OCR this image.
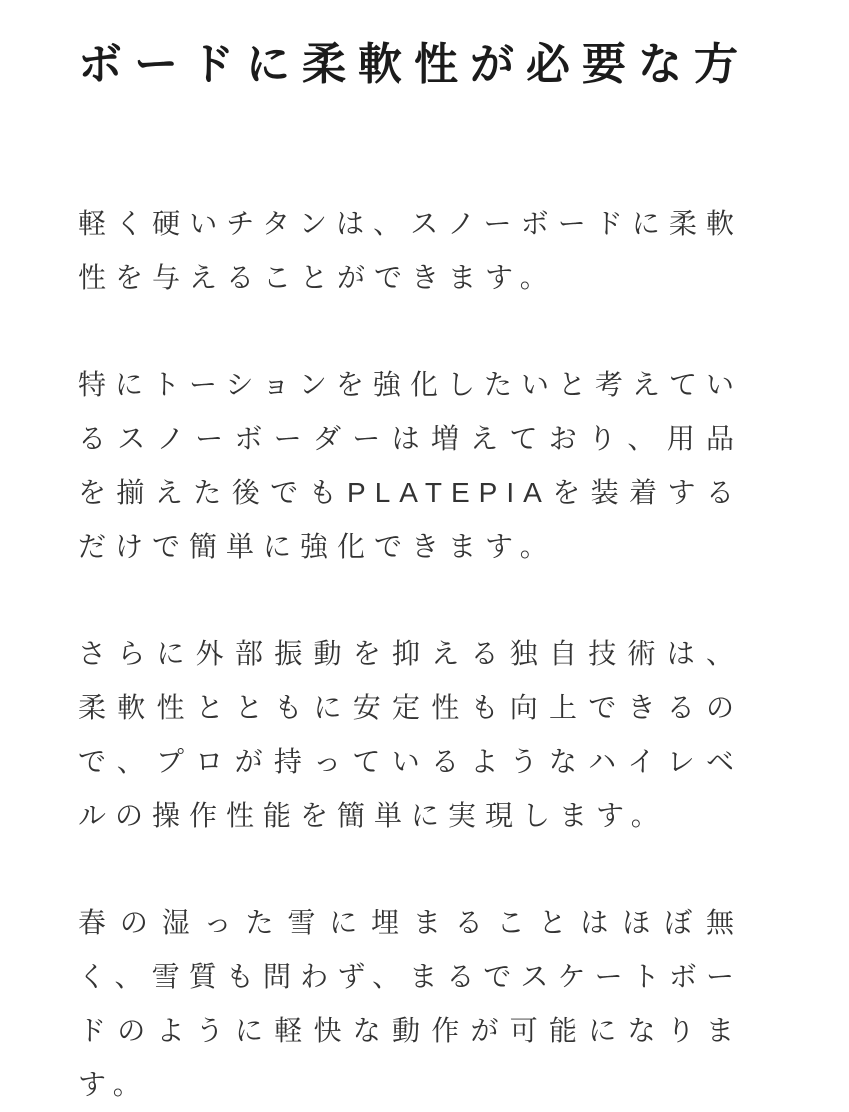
ボードに柔軟性が必要な方

軽く硬いチタンは、スノーボードに柔軟性を与えることができます。

特にトーションを強化したいと考えているスノーボーダーは増えており、用品を揃えた後でもPLATEPIAを装着するだけで簡単に強化できます。

さらに外部振動を抑える独自技術は、柔軟性とともに安定性も向上できるので、プロが持っているようなハイレベルの操作性能を簡単に実現します。

春の湿った雪に埋まることはほぼ無く、雪質も問わず、まるでスケートボードのように軽快な動作が可能になります。
